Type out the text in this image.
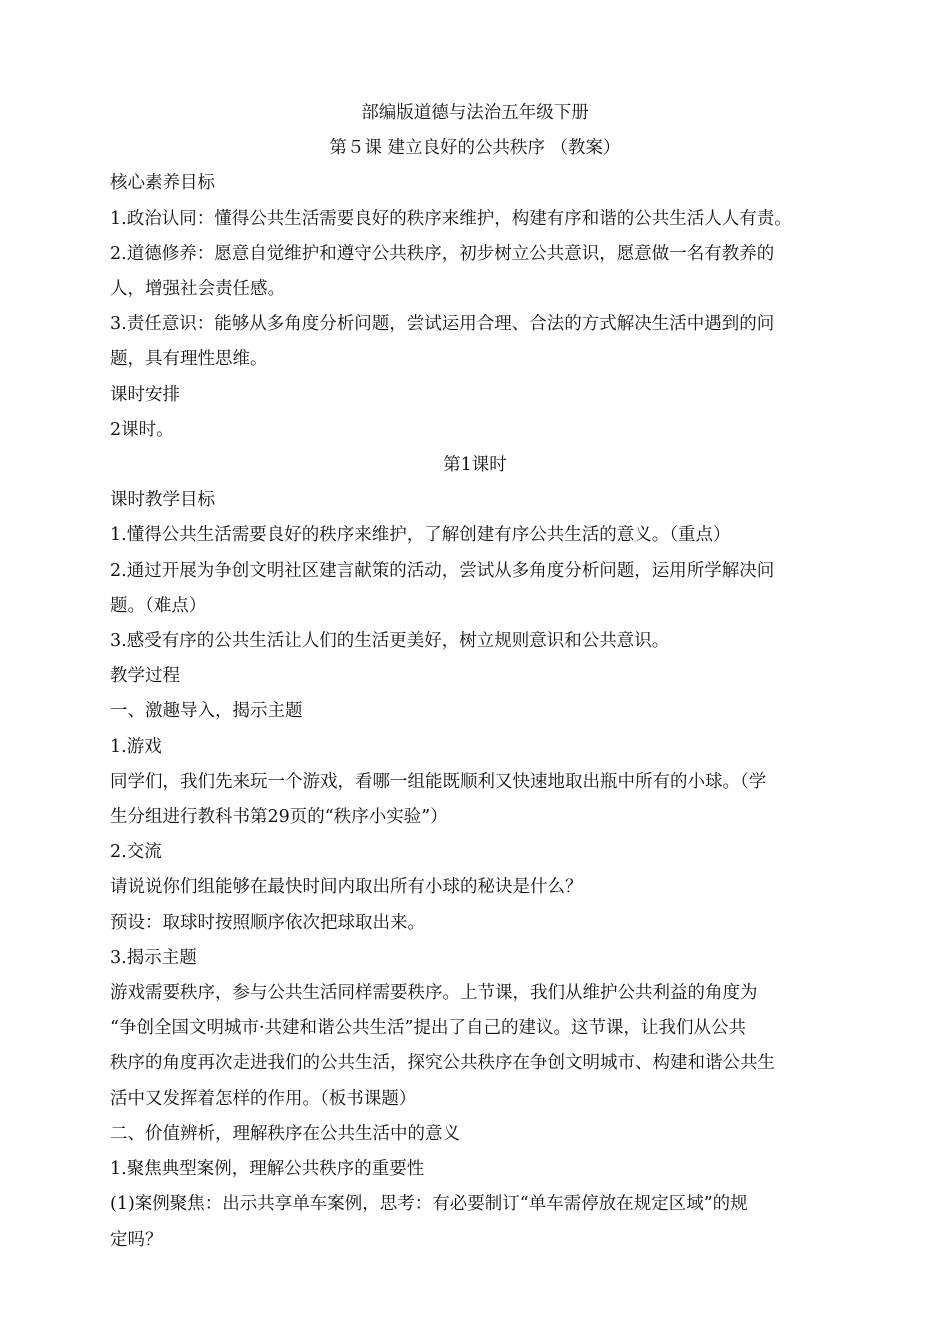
部编版道德与法治五年级下册
第５课 建立良好的公共秩序 （教案）
核心素养目标
1.政治认同：懂得公共生活需要良好的秩序来维护，构建有序和谐的公共生活人人有责。
2.道德修养：愿意自觉维护和遵守公共秩序，初步树立公共意识，愿意做一名有教养的
人，增强社会责任感。
3.责任意识：能够从多角度分析问题，尝试运用合理、合法的方式解决生活中遇到的问
题，具有理性思维。
课时安排
2课时。
第1课时
课时教学目标
1.懂得公共生活需要良好的秩序来维护，了解创建有序公共生活的意义。（重点）
2.通过开展为争创文明社区建言献策的活动，尝试从多角度分析问题，运用所学解决问
题。（难点）
3.感受有序的公共生活让人们的生活更美好，树立规则意识和公共意识。
教学过程
一、激趣导入，揭示主题
1.游戏
同学们，我们先来玩一个游戏，看哪一组能既顺利又快速地取出瓶中所有的小球。（学
生分组进行教科书第29页的“秩序小实验”）
2.交流
请说说你们组能够在最快时间内取出所有小球的秘诀是什么？
预设：取球时按照顺序依次把球取出来。
3.揭示主题
游戏需要秩序，参与公共生活同样需要秩序。上节课，我们从维护公共利益的角度为
“争创全国文明城市·共建和谐公共生活”提出了自己的建议。这节课，让我们从公共
秩序的角度再次走进我们的公共生活，探究公共秩序在争创文明城市、构建和谐公共生
活中又发挥着怎样的作用。（板书课题）
二、价值辨析，理解秩序在公共生活中的意义
1.聚焦典型案例，理解公共秩序的重要性
(1)案例聚焦：出示共享单车案例，思考：有必要制订“单车需停放在规定区域”的规
定吗？
